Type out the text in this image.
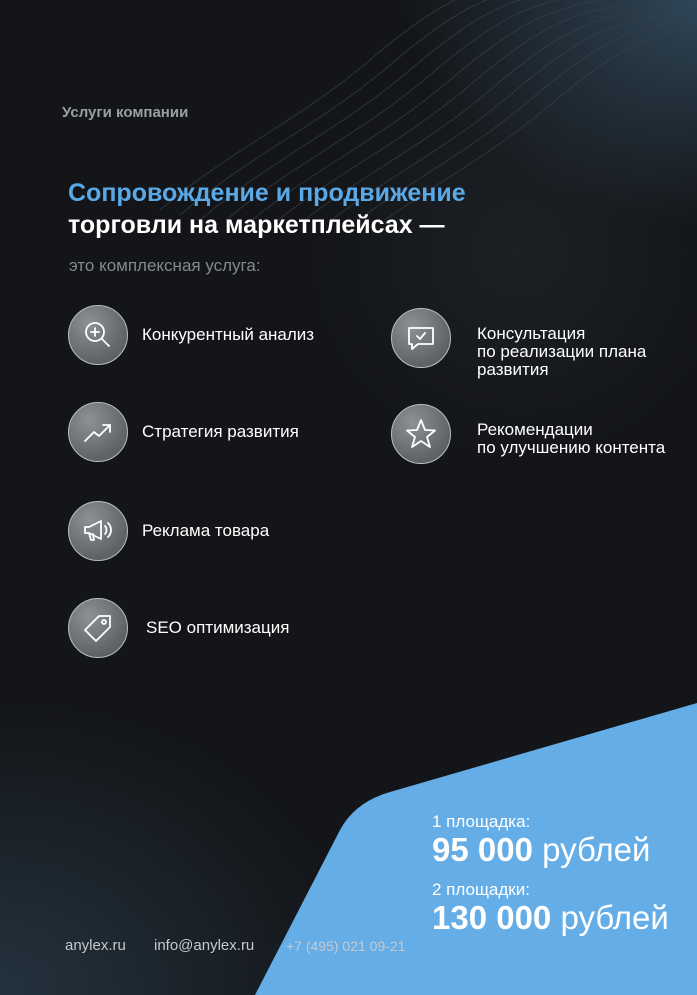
Услуги компании
Сопровождение и продвижение
торговли на маркетплейсах —
это комплексная услуга:
Конкурентный анализ
Стратегия развития
Реклама товара
SEO оптимизация
Консультация
по реализации плана
развития
Рекомендации
по улучшению контента
1 площадка:
95 000 рублей
2 площадки:
130 000 рублей
anylex.ru info@anylex.ru +7 (495) 021 09-21
